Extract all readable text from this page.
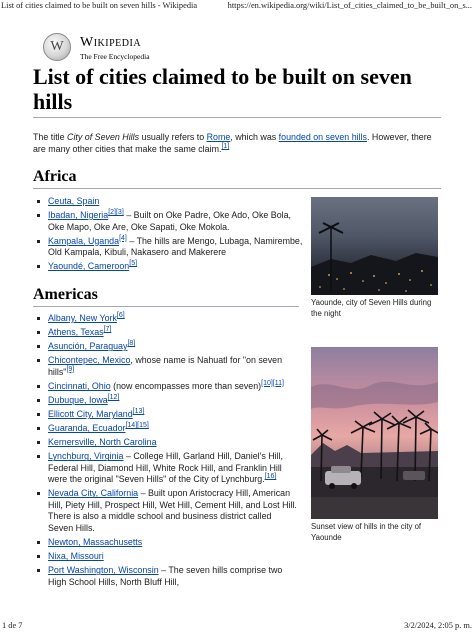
List of cities claimed to be built on seven hills - Wikipedia	https://en.wikipedia.org/wiki/List_of_cities_claimed_to_be_built_on_s...
W	Wikipedia
The Free Encyclopedia
List of cities claimed to be built on seven hills

The title City of Seven Hills usually refers to Rome, which was founded on seven hills. However, there are many other cities that make the same claim.[1]

Africa
Ceuta, Spain
Ibadan, Nigeria[2][3] – Built on Oke Padre, Oke Ado, Oke Bola, Oke Mapo, Oke Are, Oke Sapati, Oke Mokola.
Kampala, Uganda[4] – The hills are Mengo, Lubaga, Namirembe, Old Kampala, Kibuli, Nakasero and Makerere
Yaoundé, Cameroon[5]
Americas
Albany, New York[6]
Athens, Texas[7]
Asunción, Paraguay[8]
Chicontepec, Mexico, whose name is Nahuatl for "on seven hills"[9]
Cincinnati, Ohio (now encompasses more than seven)[10][11]
Dubuque, Iowa[12]
Ellicott City, Maryland[13]
Guaranda, Ecuador[14][15]
Kernersville, North Carolina
Lynchburg, Virginia – College Hill, Garland Hill, Daniel's Hill, Federal Hill, Diamond Hill, White Rock Hill, and Franklin Hill were the original "Seven Hills" of the City of Lynchburg.[16]
Nevada City, California – Built upon Aristocracy Hill, American Hill, Piety Hill, Prospect Hill, Wet Hill, Cement Hill, and Lost Hill. There is also a middle school and business district called Seven Hills.
Newton, Massachusetts
Nixa, Missouri
Port Washington, Wisconsin – The seven hills comprise two High School Hills, North Bluff Hill,
Yaounde, city of Seven Hills during the night
Sunset view of hills in the city of Yaounde
1 de 7	3/2/2024, 2:05 p. m.
